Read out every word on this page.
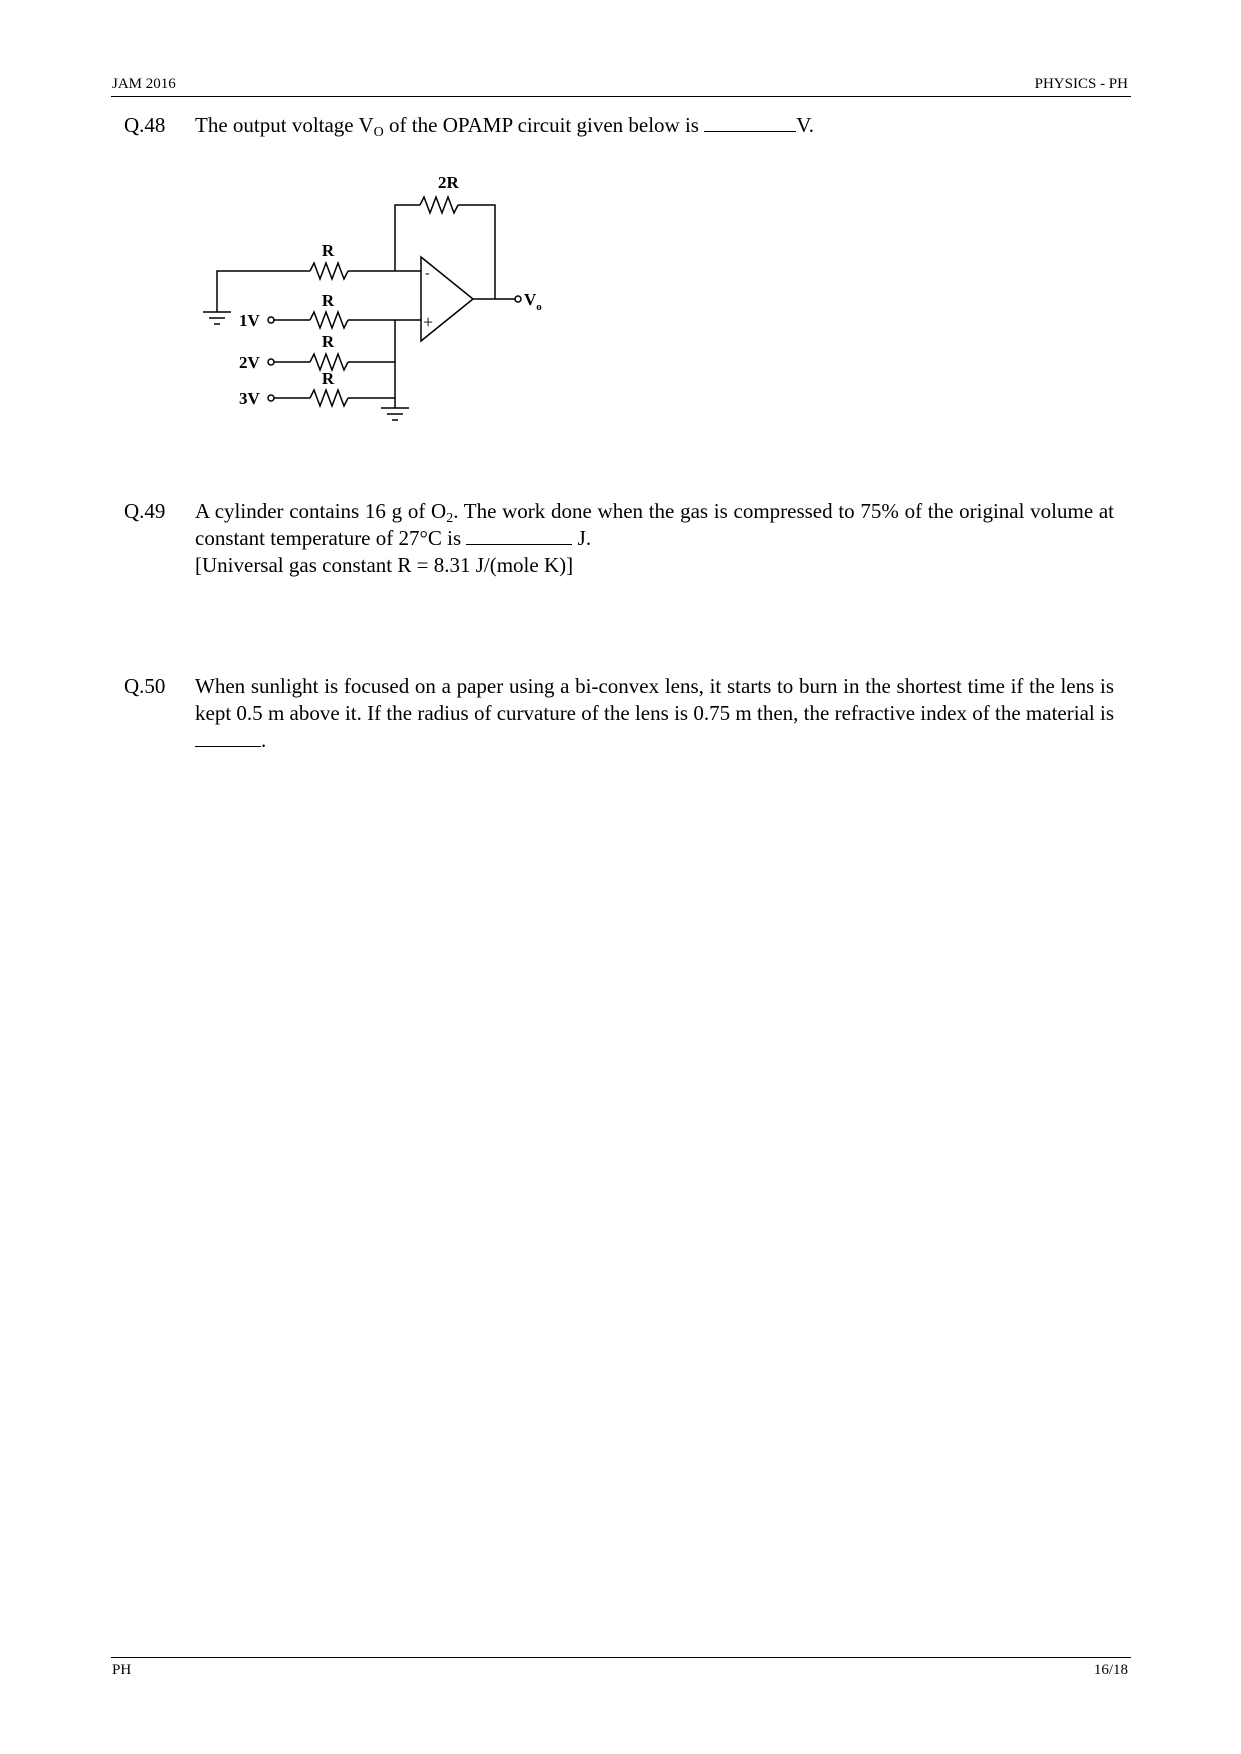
JAM 2016	PHYSICS - PH
Q.48 The output voltage $V_O$ of the OPAMP circuit given below is	V.

2R
R
R
R
R
1V
2V
3V
$V_o$
-
+
Q.49 A cylinder contains 16 g of $O_2$. The work done when the gas is compressed to 75% of the original volume at constant temperature of 27°C is	J.

[Universal gas constant R = 8.31 J/(mole K)]

Q.50 When sunlight is focused on a paper using a bi-convex lens, it starts to burn in the shortest time if the lens is kept 0.5 m above it. If the radius of curvature of the lens is 0.75 m then, the refractive index of the material is .

PH	16/18
